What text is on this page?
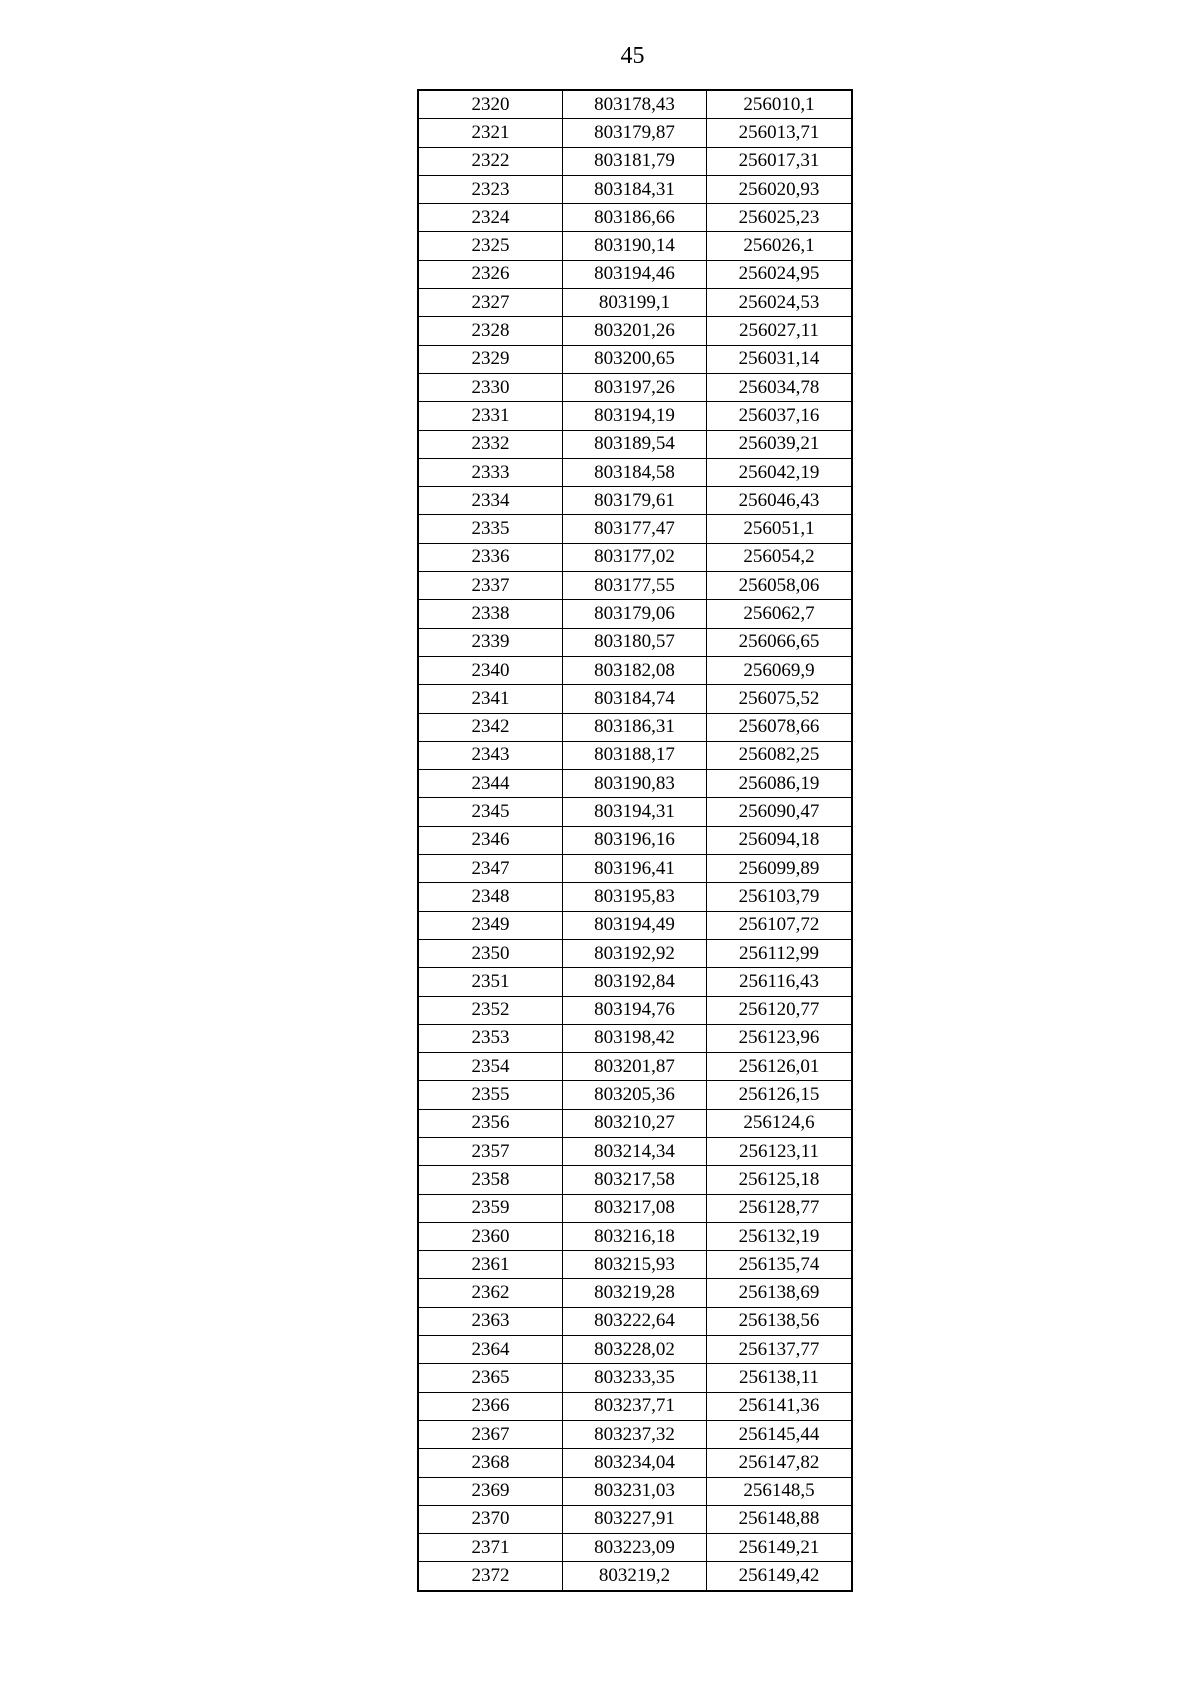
45
2320	803178,43	256010,1
2321	803179,87	256013,71
2322	803181,79	256017,31
2323	803184,31	256020,93
2324	803186,66	256025,23
2325	803190,14	256026,1
2326	803194,46	256024,95
2327	803199,1	256024,53
2328	803201,26	256027,11
2329	803200,65	256031,14
2330	803197,26	256034,78
2331	803194,19	256037,16
2332	803189,54	256039,21
2333	803184,58	256042,19
2334	803179,61	256046,43
2335	803177,47	256051,1
2336	803177,02	256054,2
2337	803177,55	256058,06
2338	803179,06	256062,7
2339	803180,57	256066,65
2340	803182,08	256069,9
2341	803184,74	256075,52
2342	803186,31	256078,66
2343	803188,17	256082,25
2344	803190,83	256086,19
2345	803194,31	256090,47
2346	803196,16	256094,18
2347	803196,41	256099,89
2348	803195,83	256103,79
2349	803194,49	256107,72
2350	803192,92	256112,99
2351	803192,84	256116,43
2352	803194,76	256120,77
2353	803198,42	256123,96
2354	803201,87	256126,01
2355	803205,36	256126,15
2356	803210,27	256124,6
2357	803214,34	256123,11
2358	803217,58	256125,18
2359	803217,08	256128,77
2360	803216,18	256132,19
2361	803215,93	256135,74
2362	803219,28	256138,69
2363	803222,64	256138,56
2364	803228,02	256137,77
2365	803233,35	256138,11
2366	803237,71	256141,36
2367	803237,32	256145,44
2368	803234,04	256147,82
2369	803231,03	256148,5
2370	803227,91	256148,88
2371	803223,09	256149,21
2372	803219,2	256149,42
